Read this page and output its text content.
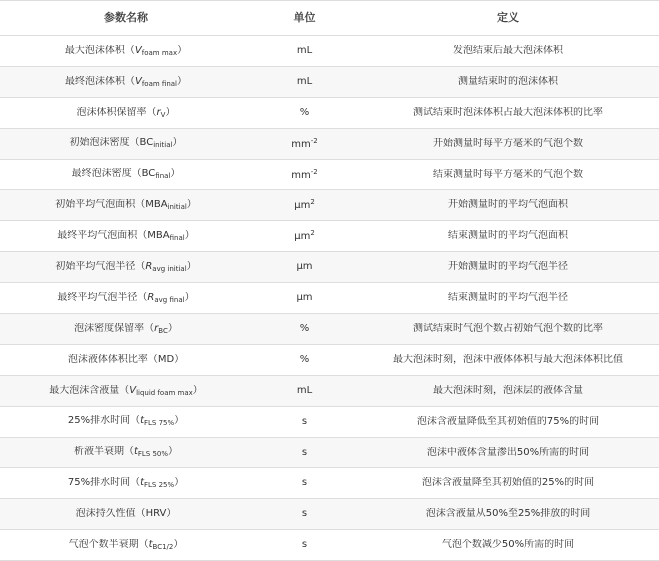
参数名称	单位	定义
最大泡沫体积$(V_{foam max})$	mL	发泡结束后最大泡沫体积
最终泡沫体积$(V_{foam final})$	mL	测量结束时的泡沫体积
泡沫体积保留率$(r_V)$	%	测试结束时泡沫体积占最大泡沫体积的比率
初始泡沫密度$(BC_{initial})$	$mm^{-2}$	开始测量时每平方毫米的气泡个数
最终泡沫密度$(BC_{final})$	$mm^{-2}$	结束测量时每平方毫米的气泡个数
初始平均气泡面积$(MBA_{initial})$	$\mu m^2$	开始测量时的平均气泡面积
最终平均气泡面积$(MBA_{final})$	$\mu m^2$	结束测量时的平均气泡面积
初始平均气泡半径$(R_{avg initial})$	μm	开始测量时的平均气泡半径
最终平均气泡半径$(R_{avg final})$	μm	结束测量时的平均气泡半径
泡沫密度保留率$(r_{BC})$	%	测试结束时气泡个数占初始气泡个数的比率
泡沫液体体积比率（MD）	%	最大泡沫时刻，泡沫中液体体积与最大泡沫体积比值
最大泡沫含液量$(V_{liquid foam max})$	mL	最大泡沫时刻，泡沫层的液体含量
25%排水时间$(t_{FLS 75\%})$	s	泡沫含液量降低至其初始值的75%的时间
析液半衰期$(t_{FLS 50\%})$	s	泡沫中液体含量渗出50%所需的时间
75%排水时间$(t_{FLS 25\%})$	s	泡沫含液量降至其初始值的25%的时间
泡沫持久性值（HRV）	s	泡沫含液量从50%至25%排放的时间
气泡个数半衰期$(t_{BC1/2})$	s	气泡个数减少50%所需的时间
